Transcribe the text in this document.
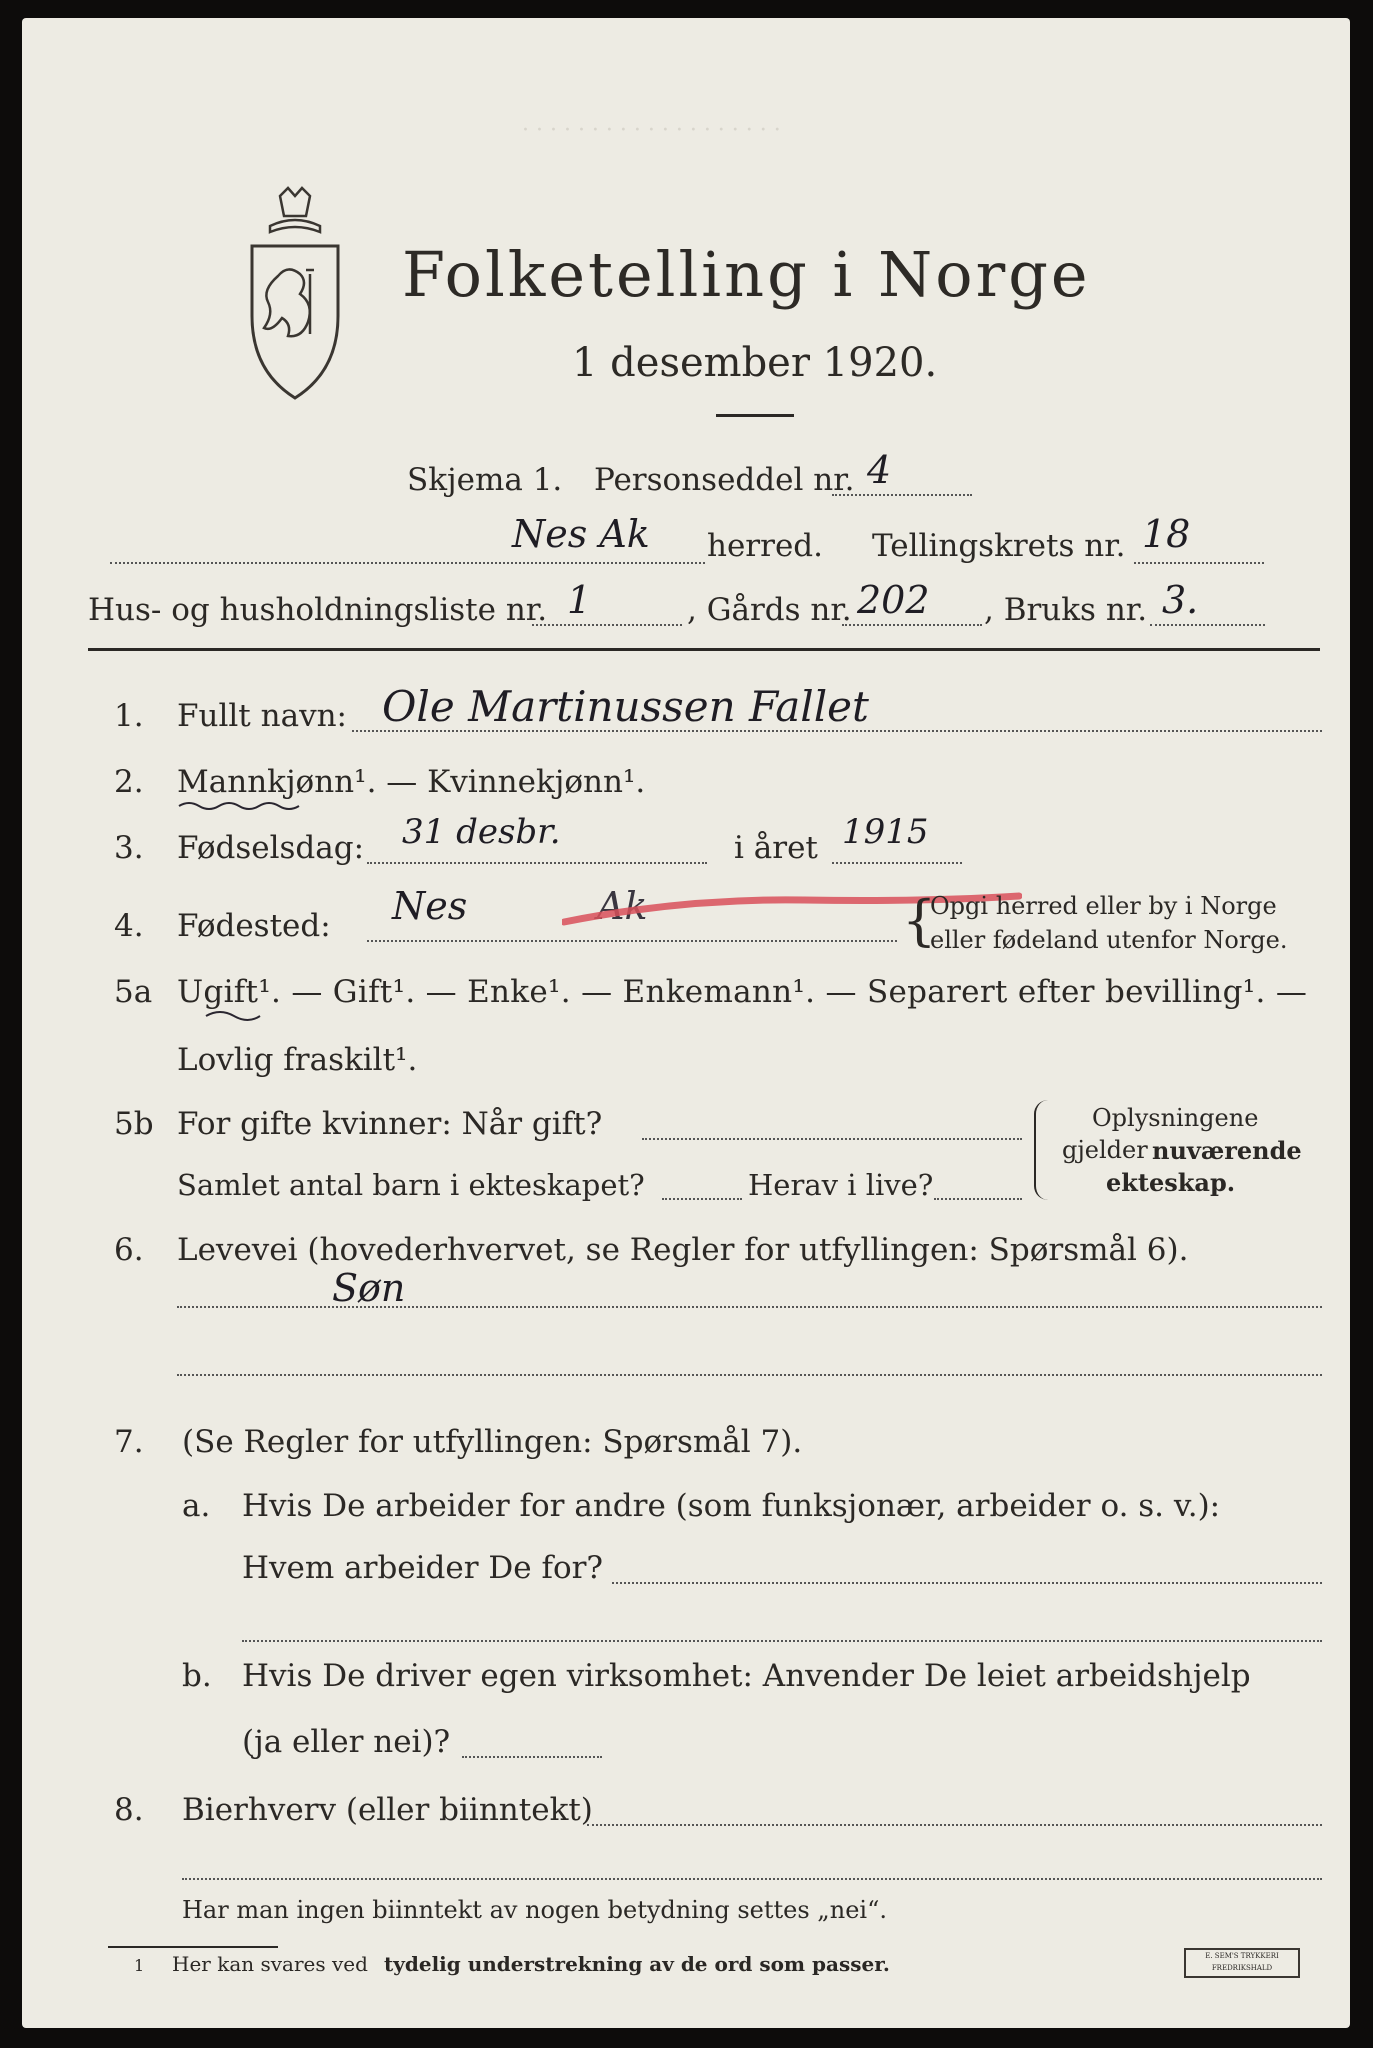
· · · · · · · · · · · · · · · · · · ·
Folketelling i Norge
1 desember 1920.
Skjema 1. Personseddel nr. 4
Nes Ak herred. Tellingskrets nr. 18
Hus- og husholdningsliste nr. 1	, Gårds nr. 202 , Bruks nr. 3.
1. Fullt navn: Ole Martinussen Fallet
2. Mannkjønn¹. — Kvinnekjønn¹.
3. Fødselsdag: 31 desbr.	i året 1915
4. Fødested: Nes	Ak	{
Opgi herred eller by i Norge
eller fødeland utenfor Norge.
5a Ugift¹. — Gift¹. — Enke¹. — Enkemann¹. — Separert efter bevilling¹. —
Lovlig fraskilt¹.
5b For gifte kvinner: Når gift?
Samlet antal barn i ekteskapet?	Herav i live?
Oplysningene
gjelder nuværende
ekteskap.
6. Levevei (hovederhvervet, se Regler for utfyllingen: Spørsmål 6).
Søn
7. (Se Regler for utfyllingen: Spørsmål 7).
a. Hvis De arbeider for andre (som funksjonær, arbeider o. s. v.):
Hvem arbeider De for?
b. Hvis De driver egen virksomhet: Anvender De leiet arbeidshjelp
(ja eller nei)?
8. Bierhverv (eller biinntekt)
Har man ingen biinntekt av nogen betydning settes „nei“.
1 Her kan svares ved tydelig understrekning av de ord som passer.	E. SEM'S TRYKKERI FREDRIKSHALD
